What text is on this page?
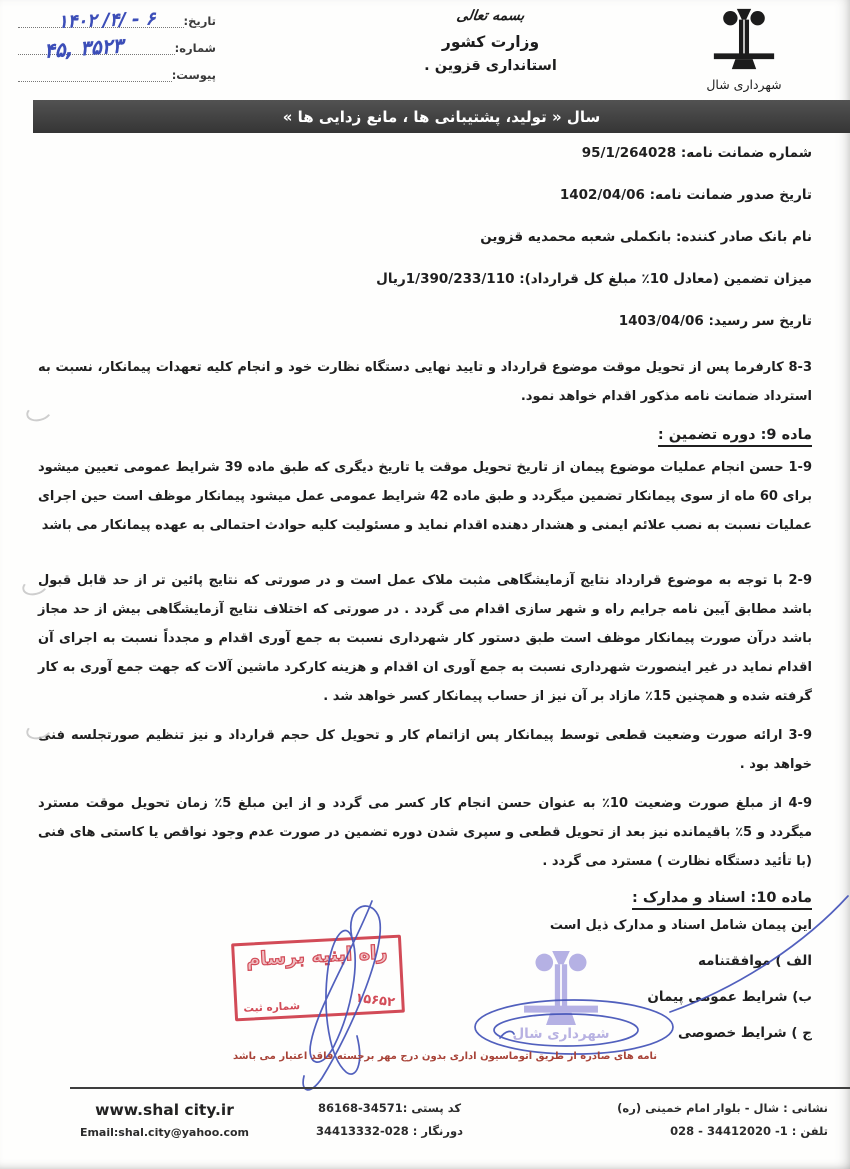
تاریخ:
شماره:
پیوست:
۱۴۰۲ /۴/ - ۶
۴۵, ۳۵۲۳
بسمه تعالی
وزارت کشور
استانداری قزوین .
شهرداری شال
سال « تولید، پشتیبانی ها ، مانع زدایی ها »
شماره ضمانت نامه: 95/1/264028
تاریخ صدور ضمانت نامه: 1402/04/06
نام بانک صادر کننده: بانکملی شعبه محمدیه قزوین
میزان تضمین (معادل 10٪ مبلغ کل قرارداد): 1/390/233/110ریال
تاریخ سر رسید: 1403/04/06
8-3 کارفرما پس از تحویل موقت موضوع قرارداد و تایید نهایی دستگاه نظارت خود و انجام کلیه تعهدات پیمانکار، نسبت به استرداد ضمانت نامه مذکور اقدام خواهد نمود.
ماده 9: دوره تضمین :
1-9 حسن انجام عملیات موضوع پیمان از تاریخ تحویل موقت یا تاریخ دیگری که طبق ماده 39 شرایط عمومی تعیین میشود برای 60 ماه از سوی پیمانکار تضمین میگردد و طبق ماده 42 شرایط عمومی عمل میشود پیمانکار موظف است حین اجرای عملیات نسبت به نصب علائم ایمنی و هشدار دهنده اقدام نماید و مسئولیت کلیه حوادث احتمالی به عهده پیمانکار می باشد
2-9 با توجه به موضوع قرارداد نتایج آزمایشگاهی مثبت ملاک عمل است و در صورتی که نتایج پائین تر از حد قابل قبول باشد مطابق آیین نامه جرایم راه و شهر سازی اقدام می گردد . در صورتی که اختلاف نتایج آزمایشگاهی بیش از حد مجاز باشد درآن صورت پیمانکار موظف است طبق دستور کار شهرداری نسبت به جمع آوری اقدام و مجدداً نسبت به اجرای آن اقدام نماید در غیر اینصورت شهرداری نسبت به جمع آوری ان اقدام و هزینه کارکرد ماشین آلات که جهت جمع آوری به کار گرفته شده و همچنین 15٪ مازاد بر آن نیز از حساب پیمانکار کسر خواهد شد .
3-9 ارائه صورت وضعیت قطعی توسط پیمانکار پس ازاتمام کار و تحویل کل حجم قرارداد و نیز تنظیم صورتجلسه فنی خواهد بود .
4-9 از مبلغ صورت وضعیت 10٪ به عنوان حسن انجام کار کسر می گردد و از این مبلغ 5٪ زمان تحویل موقت مسترد میگردد و 5٪ باقیمانده نیز بعد از تحویل قطعی و سپری شدن دوره تضمین در صورت عدم وجود نواقص یا کاستی های فنی (با تأئید دستگاه نظارت ) مسترد می گردد .
ماده 10: اسناد و مدارک :
این پیمان شامل اسناد و مدارک ذیل است
الف ) موافقتنامه
ب) شرایط عمومی پیمان
ج ) شرایط خصوصی
راه ابنیه برسام
۱۵۶۵۲
شماره ثبت
شهرداری شال
نامه های صادره از طریق اتوماسیون اداری بدون درج مهر برجسته فاقد اعتبار می باشد
نشانی : شال - بلوار امام خمینی (ره)
تلفن : 1- 34412020 - 028
کد پستی :34571-86168
دورنگار : 028-34413332
www.shal city.ir
Email:shal.city@yahoo.com
